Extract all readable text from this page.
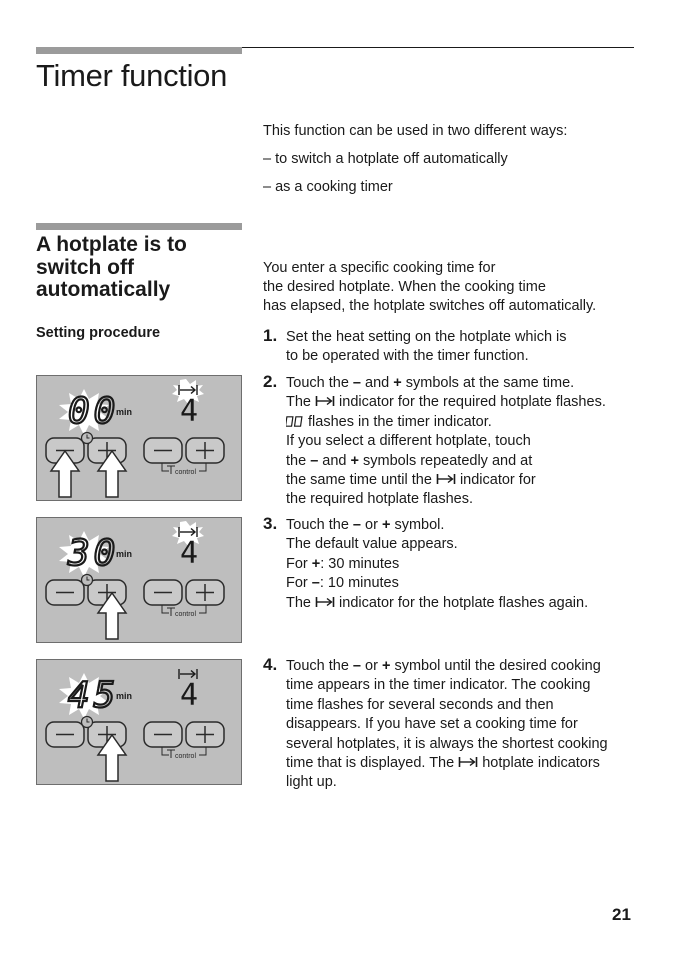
Timer function

This function can be used in two different ways:

– to switch a hotplate off automatically

– as a cooking timer

A hotplate is to
switch off
automatically
Setting procedure
You enter a specific cooking time for
the desired hotplate. When the cooking time
has elapsed, the hotplate switches off automatically.
1. Set the heat setting on the hotplate which is
to be operated with the timer function.
2. Touch the – and + symbols at the same time.
The  indicator for the required hotplate flashes.
flashes in the timer indicator.
If you select a different hotplate, touch
the – and + symbols repeatedly and at
the same time until the  indicator for
the required hotplate flashes.
3. Touch the – or + symbol.
The default value appears.
For +: 30 minutes
For –: 10 minutes
The  indicator for the hotplate flashes again.
4. Touch the – or + symbol until the desired cooking
time appears in the timer indicator. The cooking
time flashes for several seconds and then
disappears. If you have set a cooking time for
several hotplates, it is always the shortest cooking
time that is displayed. The  hotplate indicators
light up.
00
min 4
control
30
min 4
control
45
min 4
control
21
